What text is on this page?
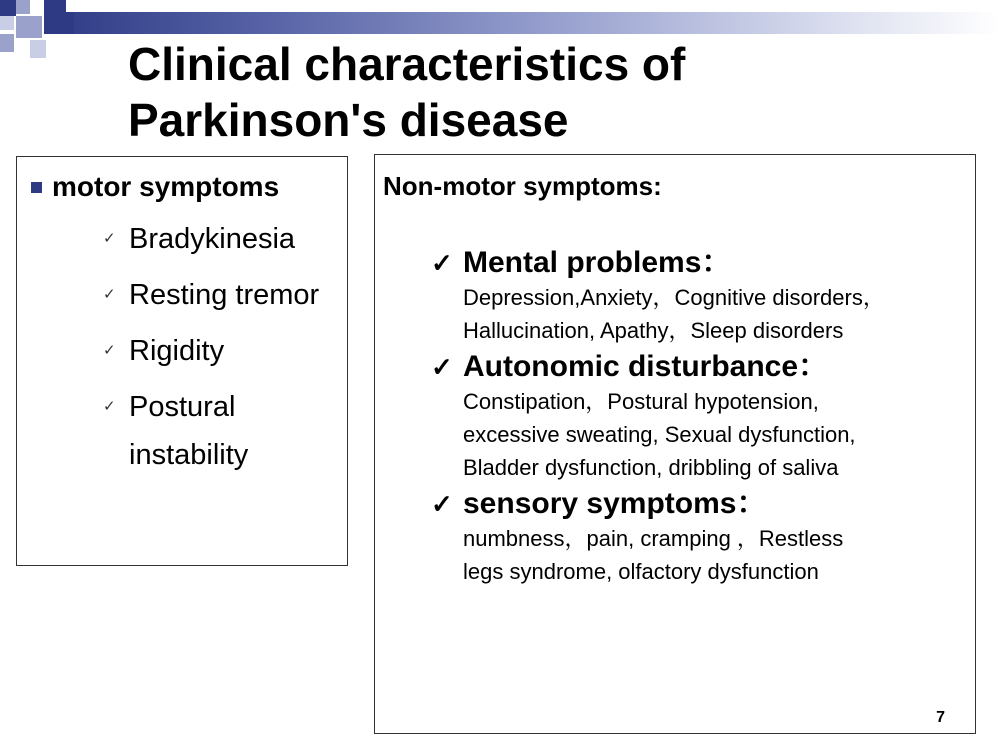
Clinical characteristics of
Parkinson's disease
motor symptoms
✓ Bradykinesia
✓ Resting tremor
✓ Rigidity
✓ Postural instability
Non-motor symptoms:
✓ Mental problems：
Depression,Anxiety，Cognitive disorders，
Hallucination, Apathy，Sleep disorders
✓ Autonomic disturbance：
Constipation，Postural hypotension,
excessive sweating, Sexual dysfunction,
Bladder dysfunction, dribbling of saliva
✓ sensory symptoms：
numbness，pain, cramping ，Restless
legs syndrome, olfactory dysfunction
7
